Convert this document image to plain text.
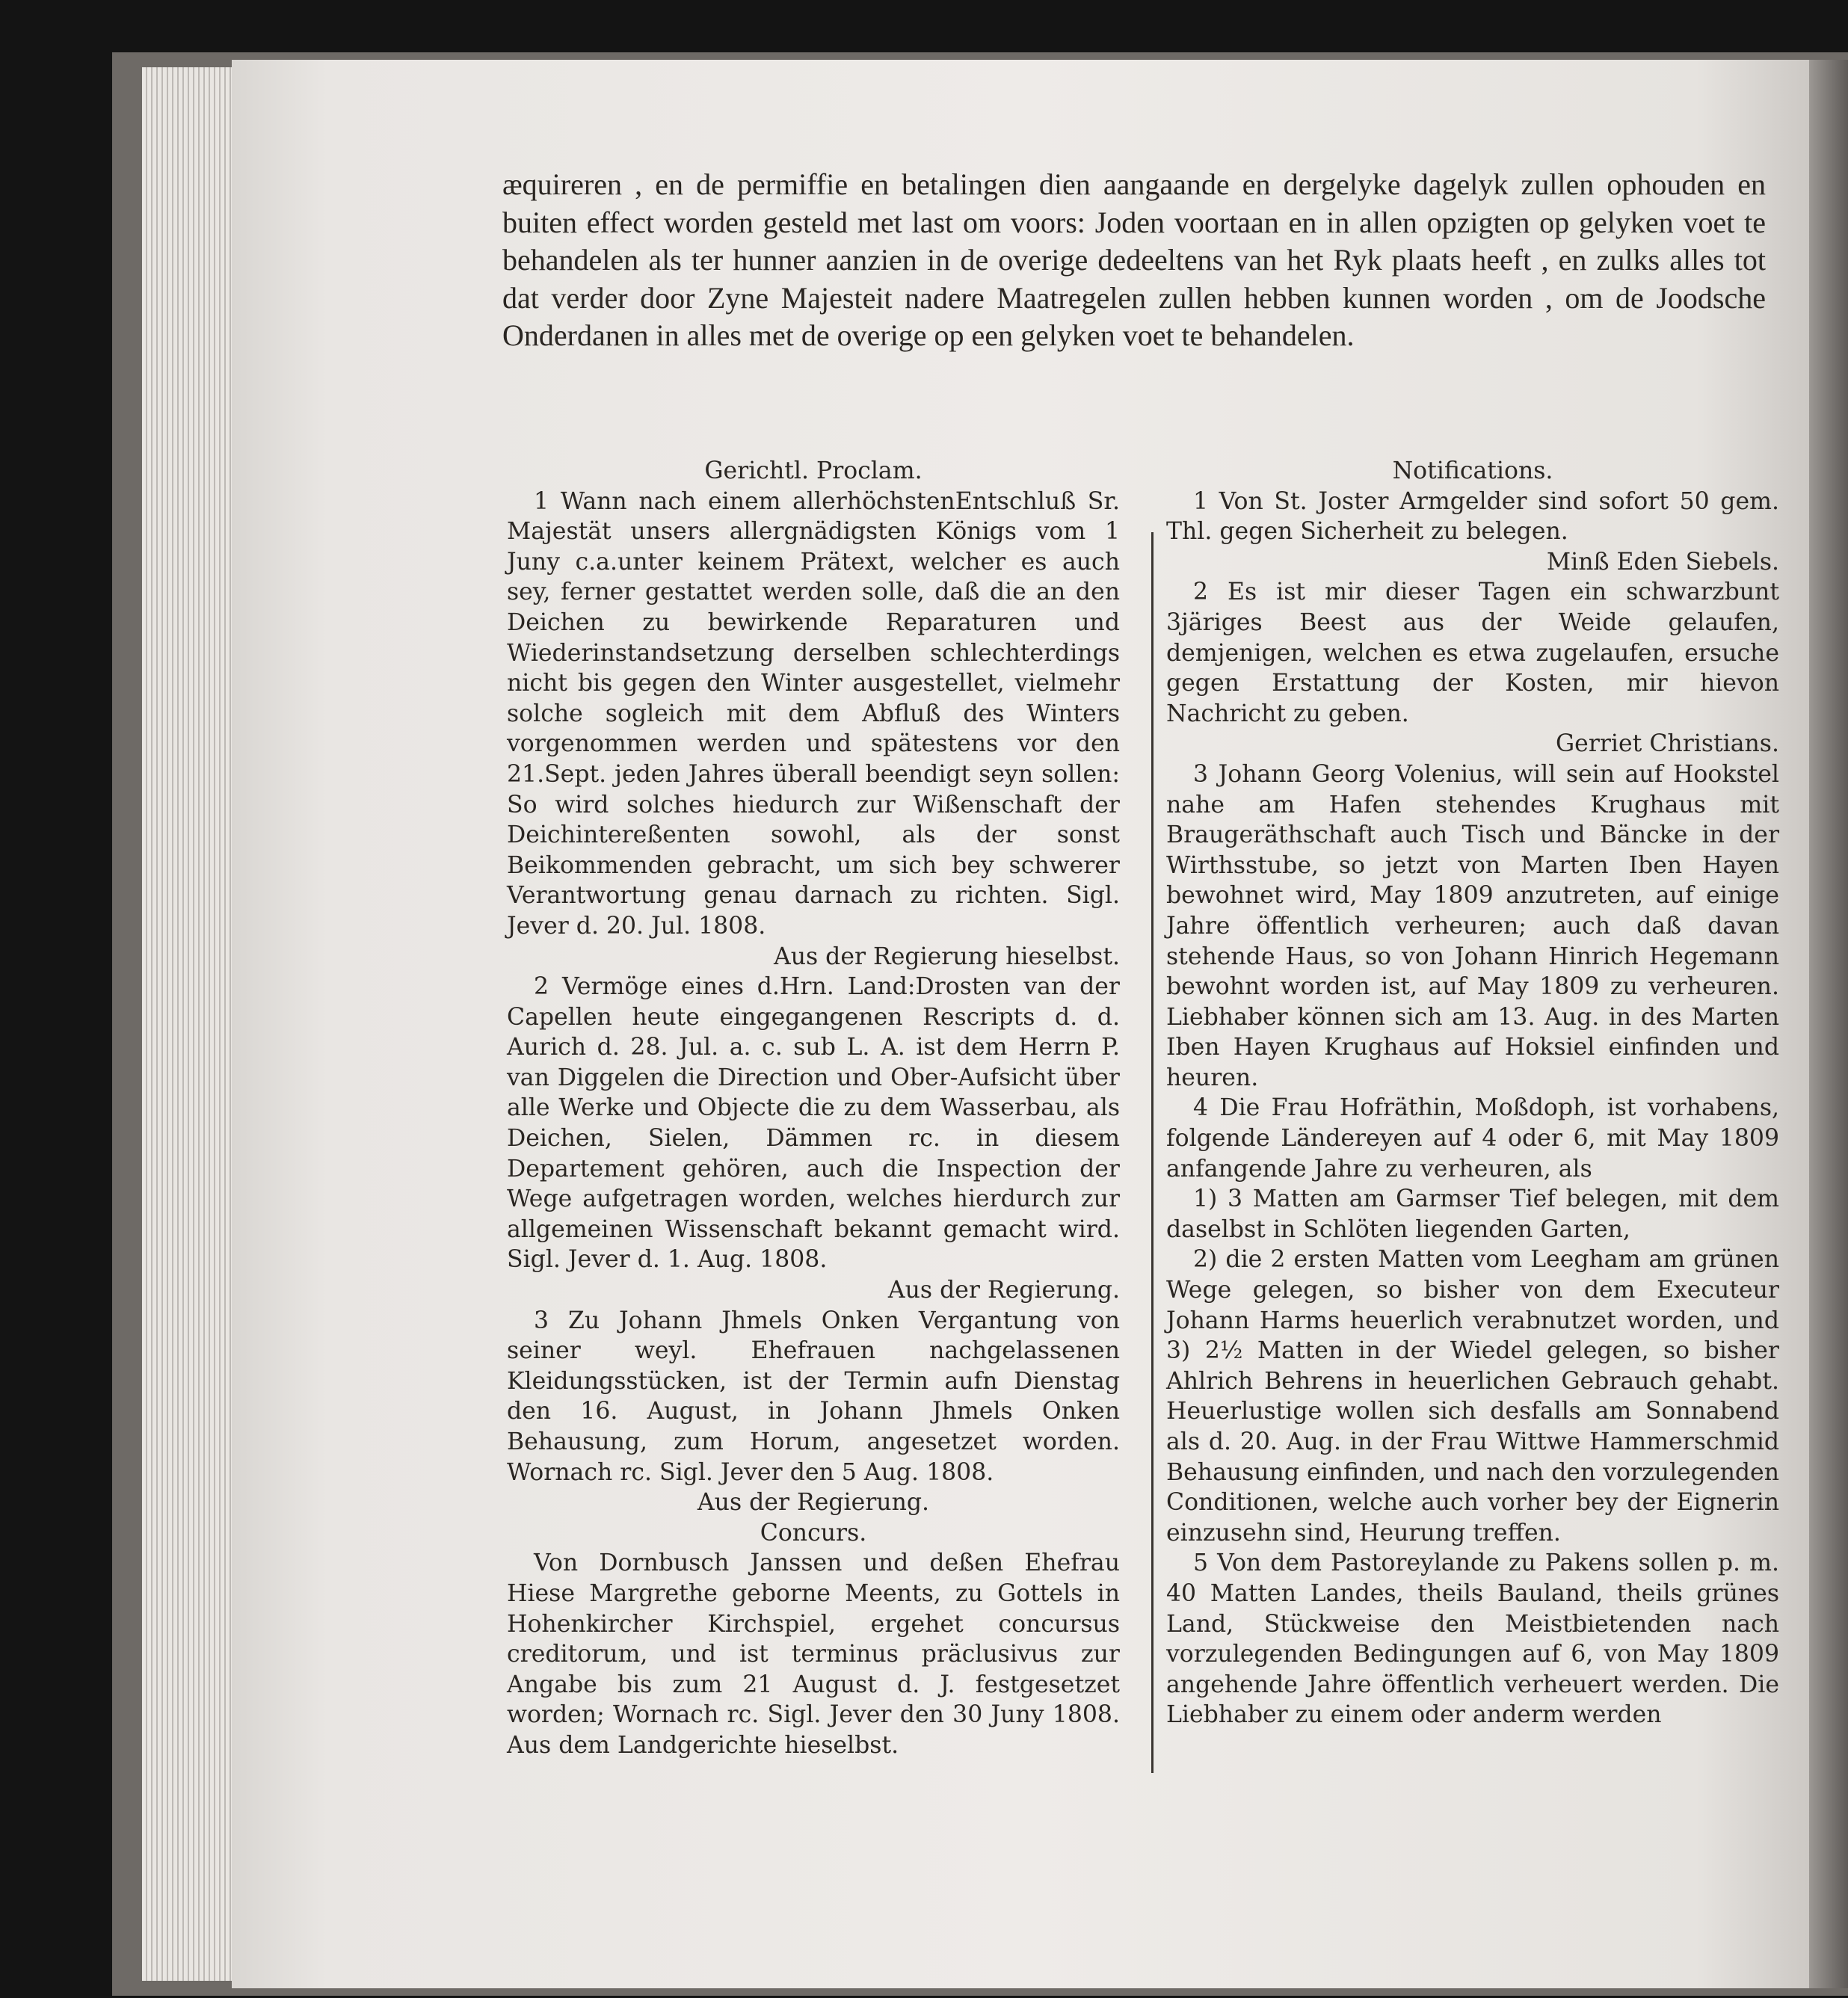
æquireren , en de permiffie en betalingen dien aangaande en dergelyke dagelyk zullen ophouden en buiten effect worden gesteld met last om voors: Joden voortaan en in allen opzigten op gelyken voet te behandelen als ter hunner aanzien in de overige dedeeltens van het Ryk plaats heeft , en zulks alles tot dat verder door Zyne Majesteit nadere Maatregelen zullen hebben kunnen worden , om de Joodsche Onderdanen in alles met de overige op een gelyken voet te behandelen.

Gerichtl. Proclam.

1 Wann nach einem allerhöchstenEntschluß Sr. Majestät unsers allergnädigsten Königs vom 1 Juny c.a.unter keinem Prätext, welcher es auch sey, ferner gestattet werden solle, daß die an den Deichen zu bewirkende Reparaturen und Wiederinstandsetzung derselben schlechterdings nicht bis gegen den Winter ausgestellet, vielmehr solche sogleich mit dem Abfluß des Winters vorgenommen werden und spätestens vor den 21.Sept. jeden Jahres überall beendigt seyn sollen: So wird solches hiedurch zur Wißenschaft der Deichintereßenten sowohl, als der sonst Beikommenden gebracht, um sich bey schwerer Verantwortung genau darnach zu richten. Sigl. Jever d. 20. Jul. 1808.

Aus der Regierung hieselbst.

2 Vermöge eines d.Hrn. Land:Drosten van der Capellen heute eingegangenen Rescripts d. d. Aurich d. 28. Jul. a. c. sub L. A. ist dem Herrn P. van Diggelen die Direction und Ober-Aufsicht über alle Werke und Objecte die zu dem Wasserbau, als Deichen, Sielen, Dämmen rc. in diesem Departement gehören, auch die Inspection der Wege aufgetragen worden, welches hierdurch zur allgemeinen Wissenschaft bekannt gemacht wird. Sigl. Jever d. 1. Aug. 1808.

Aus der Regierung.

3 Zu Johann Jhmels Onken Vergantung von seiner weyl. Ehefrauen nachgelassenen Kleidungsstücken, ist der Termin aufn Dienstag den 16. August, in Johann Jhmels Onken Behausung, zum Horum, angesetzet worden. Wornach rc. Sigl. Jever den 5 Aug. 1808.

Aus der Regierung.

Concurs.

Von Dornbusch Janssen und deßen Ehefrau Hiese Margrethe geborne Meents, zu Gottels in Hohenkircher Kirchspiel, ergehet concursus creditorum, und ist terminus präclusivus zur Angabe bis zum 21 August d. J. festgesetzet worden; Wornach rc. Sigl. Jever den 30 Juny 1808. Aus dem Landgerichte hieselbst.

Notifications.

1 Von St. Joster Armgelder sind sofort 50 gem. Thl. gegen Sicherheit zu belegen.

Minß Eden Siebels.

2 Es ist mir dieser Tagen ein schwarzbunt 3järiges Beest aus der Weide gelaufen, demjenigen, welchen es etwa zugelaufen, ersuche gegen Erstattung der Kosten, mir hievon Nachricht zu geben.

Gerriet Christians.

3 Johann Georg Volenius, will sein auf Hookstel nahe am Hafen stehendes Krughaus mit Braugeräthschaft auch Tisch und Bäncke in der Wirthsstube, so jetzt von Marten Iben Hayen bewohnet wird, May 1809 anzutreten, auf einige Jahre öffentlich verheuren; auch daß davan stehende Haus, so von Johann Hinrich Hegemann bewohnt worden ist, auf May 1809 zu verheuren. Liebhaber können sich am 13. Aug. in des Marten Iben Hayen Krughaus auf Hoksiel einfinden und heuren.

4 Die Frau Hofräthin, Moßdoph, ist vorhabens, folgende Ländereyen auf 4 oder 6, mit May 1809 anfangende Jahre zu verheuren, als

1) 3 Matten am Garmser Tief belegen, mit dem daselbst in Schlöten liegenden Garten,

2) die 2 ersten Matten vom Leegham am grünen Wege gelegen, so bisher von dem Executeur Johann Harms heuerlich verabnutzet worden, und 3) 2½ Matten in der Wiedel gelegen, so bisher Ahlrich Behrens in heuerlichen Gebrauch gehabt. Heuerlustige wollen sich desfalls am Sonnabend als d. 20. Aug. in der Frau Wittwe Hammerschmid Behausung einfinden, und nach den vorzulegenden Conditionen, welche auch vorher bey der Eignerin einzusehn sind, Heurung treffen.

5 Von dem Pastoreylande zu Pakens sollen p. m. 40 Matten Landes, theils Bauland, theils grünes Land, Stückweise den Meistbietenden nach vorzulegenden Bedingungen auf 6, von May 1809 angehende Jahre öffentlich verheuert werden. Die Liebhaber zu einem oder anderm werden
